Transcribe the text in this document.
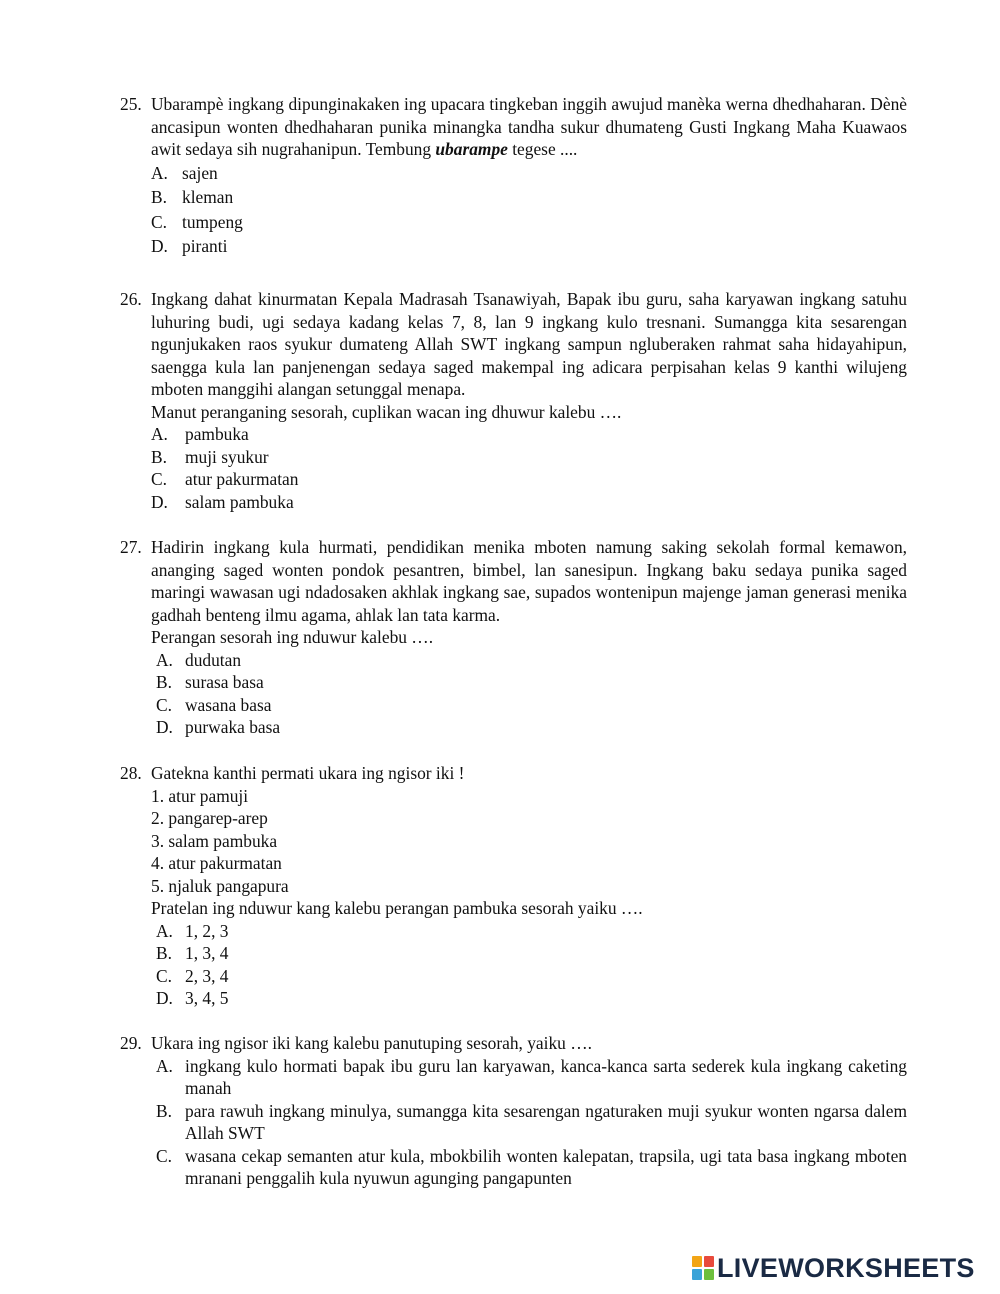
25. Ubarampè ingkang dipunginakaken ing upacara tingkeban inggih awujud manèka werna dhedhaharan. Dènè ancasipun wonten dhedhaharan punika minangka tandha sukur dhumateng Gusti Ingkang Maha Kuawaos awit sedaya sih nugrahanipun. Tembung ubarampe tegese ....

A. sajen
B. kleman
C. tumpeng
D. piranti
26. Ingkang dahat kinurmatan Kepala Madrasah Tsanawiyah, Bapak ibu guru, saha karyawan ingkang satuhu luhuring budi, ugi sedaya kadang kelas 7, 8, lan 9 ingkang kulo tresnani. Sumangga kita sesarengan ngunjukaken raos syukur dumateng Allah SWT ingkang sampun ngluberaken rahmat saha hidayahipun, saengga kula lan panjenengan sedaya saged makempal ing adicara perpisahan kelas 9 kanthi wilujeng mboten manggihi alangan setunggal menapa.

Manut peranganing sesorah, cuplikan wacan ing dhuwur kalebu ….

A. pambuka
B.	muji syukur
C.	atur pakurmatan
D. salam pambuka
27. Hadirin ingkang kula hurmati, pendidikan menika mboten namung saking sekolah formal kemawon, ananging saged wonten pondok pesantren, bimbel, lan sanesipun. Ingkang baku sedaya punika saged maringi wawasan ugi ndadosaken akhlak ingkang sae, supados wontenipun majenge jaman generasi menika gadhah benteng ilmu agama, ahlak lan tata karma.

Perangan sesorah ing nduwur kalebu ….

A. dudutan
B. surasa basa
C. wasana basa
D. purwaka basa
28. Gatekna kanthi permati ukara ing ngisor iki !

1. atur pamuji
2. pangarep-arep
3. salam pambuka
4. atur pakurmatan
5. njaluk pangapura
Pratelan ing nduwur kang kalebu perangan pambuka sesorah yaiku ….
A. 1, 2, 3
B. 1, 3, 4
C. 2, 3, 4
D. 3, 4, 5
29. Ukara ing ngisor iki kang kalebu panutuping sesorah, yaiku ….

A. ingkang kulo hormati bapak ibu guru lan karyawan, kanca-kanca sarta sederek kula ingkang caketing manah
B. para rawuh ingkang minulya, sumangga kita sesarengan ngaturaken muji syukur wonten ngarsa dalem Allah SWT
C. wasana cekap semanten atur kula, mbokbilih wonten kalepatan, trapsila, ugi tata basa ingkang mboten mranani penggalih kula nyuwun agunging pangapunten
LIVEWORKSHEETS
